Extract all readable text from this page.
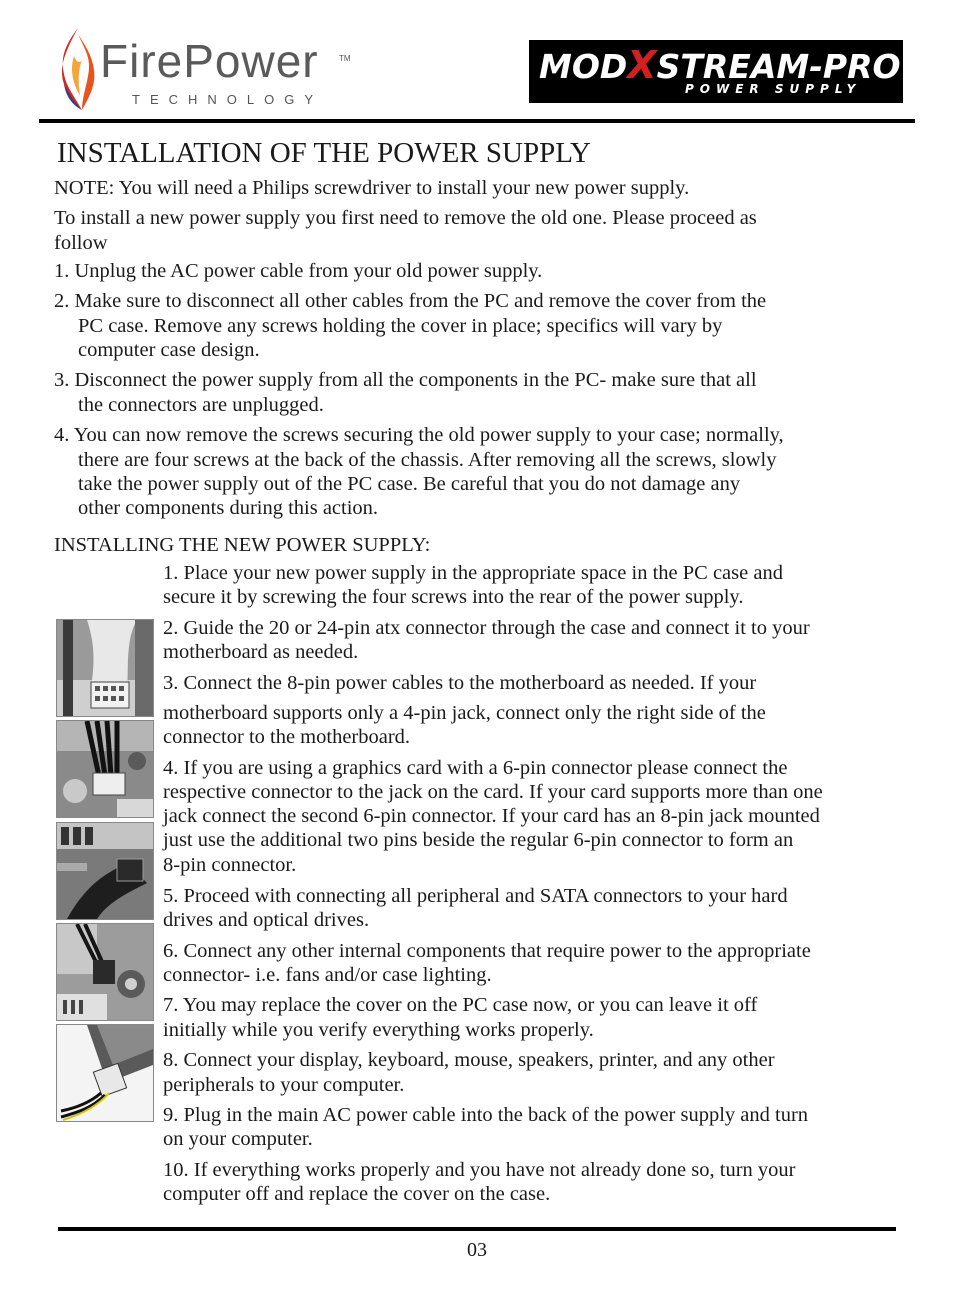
FirePower	TM
TECHNOLOGY
MODXSTREAM-PRO
POWER SUPPLY
INSTALLATION OF THE POWER SUPPLY
NOTE: You will need a Philips screwdriver to install your new power supply.
To install a new power supply you first need to remove the old one. Please proceed as
follow
1. Unplug the AC power cable from your old power supply.
2. Make sure to disconnect all other cables from the PC and remove the cover from the
PC case. Remove any screws holding the cover in place; specifics will vary by
computer case design.
3. Disconnect the power supply from all the components in the PC- make sure that all
the connectors are unplugged.
4. You can now remove the screws securing the old power supply to your case; normally,
there are four screws at the back of the chassis. After removing all the screws, slowly
take the power supply out of the PC case. Be careful that you do not damage any
other components during this action.
INSTALLING THE NEW POWER SUPPLY:
1. Place your new power supply in the appropriate space in the PC case and
secure it by screwing the four screws into the rear of the power supply.
2. Guide the 20 or 24-pin atx connector through the case and connect it to your
motherboard as needed.
3. Connect the 8-pin power cables to the motherboard as needed. If your
motherboard supports only a 4-pin jack, connect only the right side of the
connector to the motherboard.
4. If you are using a graphics card with a 6-pin connector please connect the
respective connector to the jack on the card. If your card supports more than one
jack connect the second 6-pin connector. If your card has an 8-pin jack mounted
just use the additional two pins beside the regular 6-pin connector to form an
8-pin connector.
5. Proceed with connecting all peripheral and SATA connectors to your hard
drives and optical drives.
6. Connect any other internal components that require power to the appropriate
connector- i.e. fans and/or case lighting.
7. You may replace the cover on the PC case now, or you can leave it off
initially while you verify everything works properly.
8. Connect your display, keyboard, mouse, speakers, printer, and any other
peripherals to your computer.
9. Plug in the main AC power cable into the back of the power supply and turn
on your computer.
10. If everything works properly and you have not already done so, turn your
computer off and replace the cover on the case.
03
